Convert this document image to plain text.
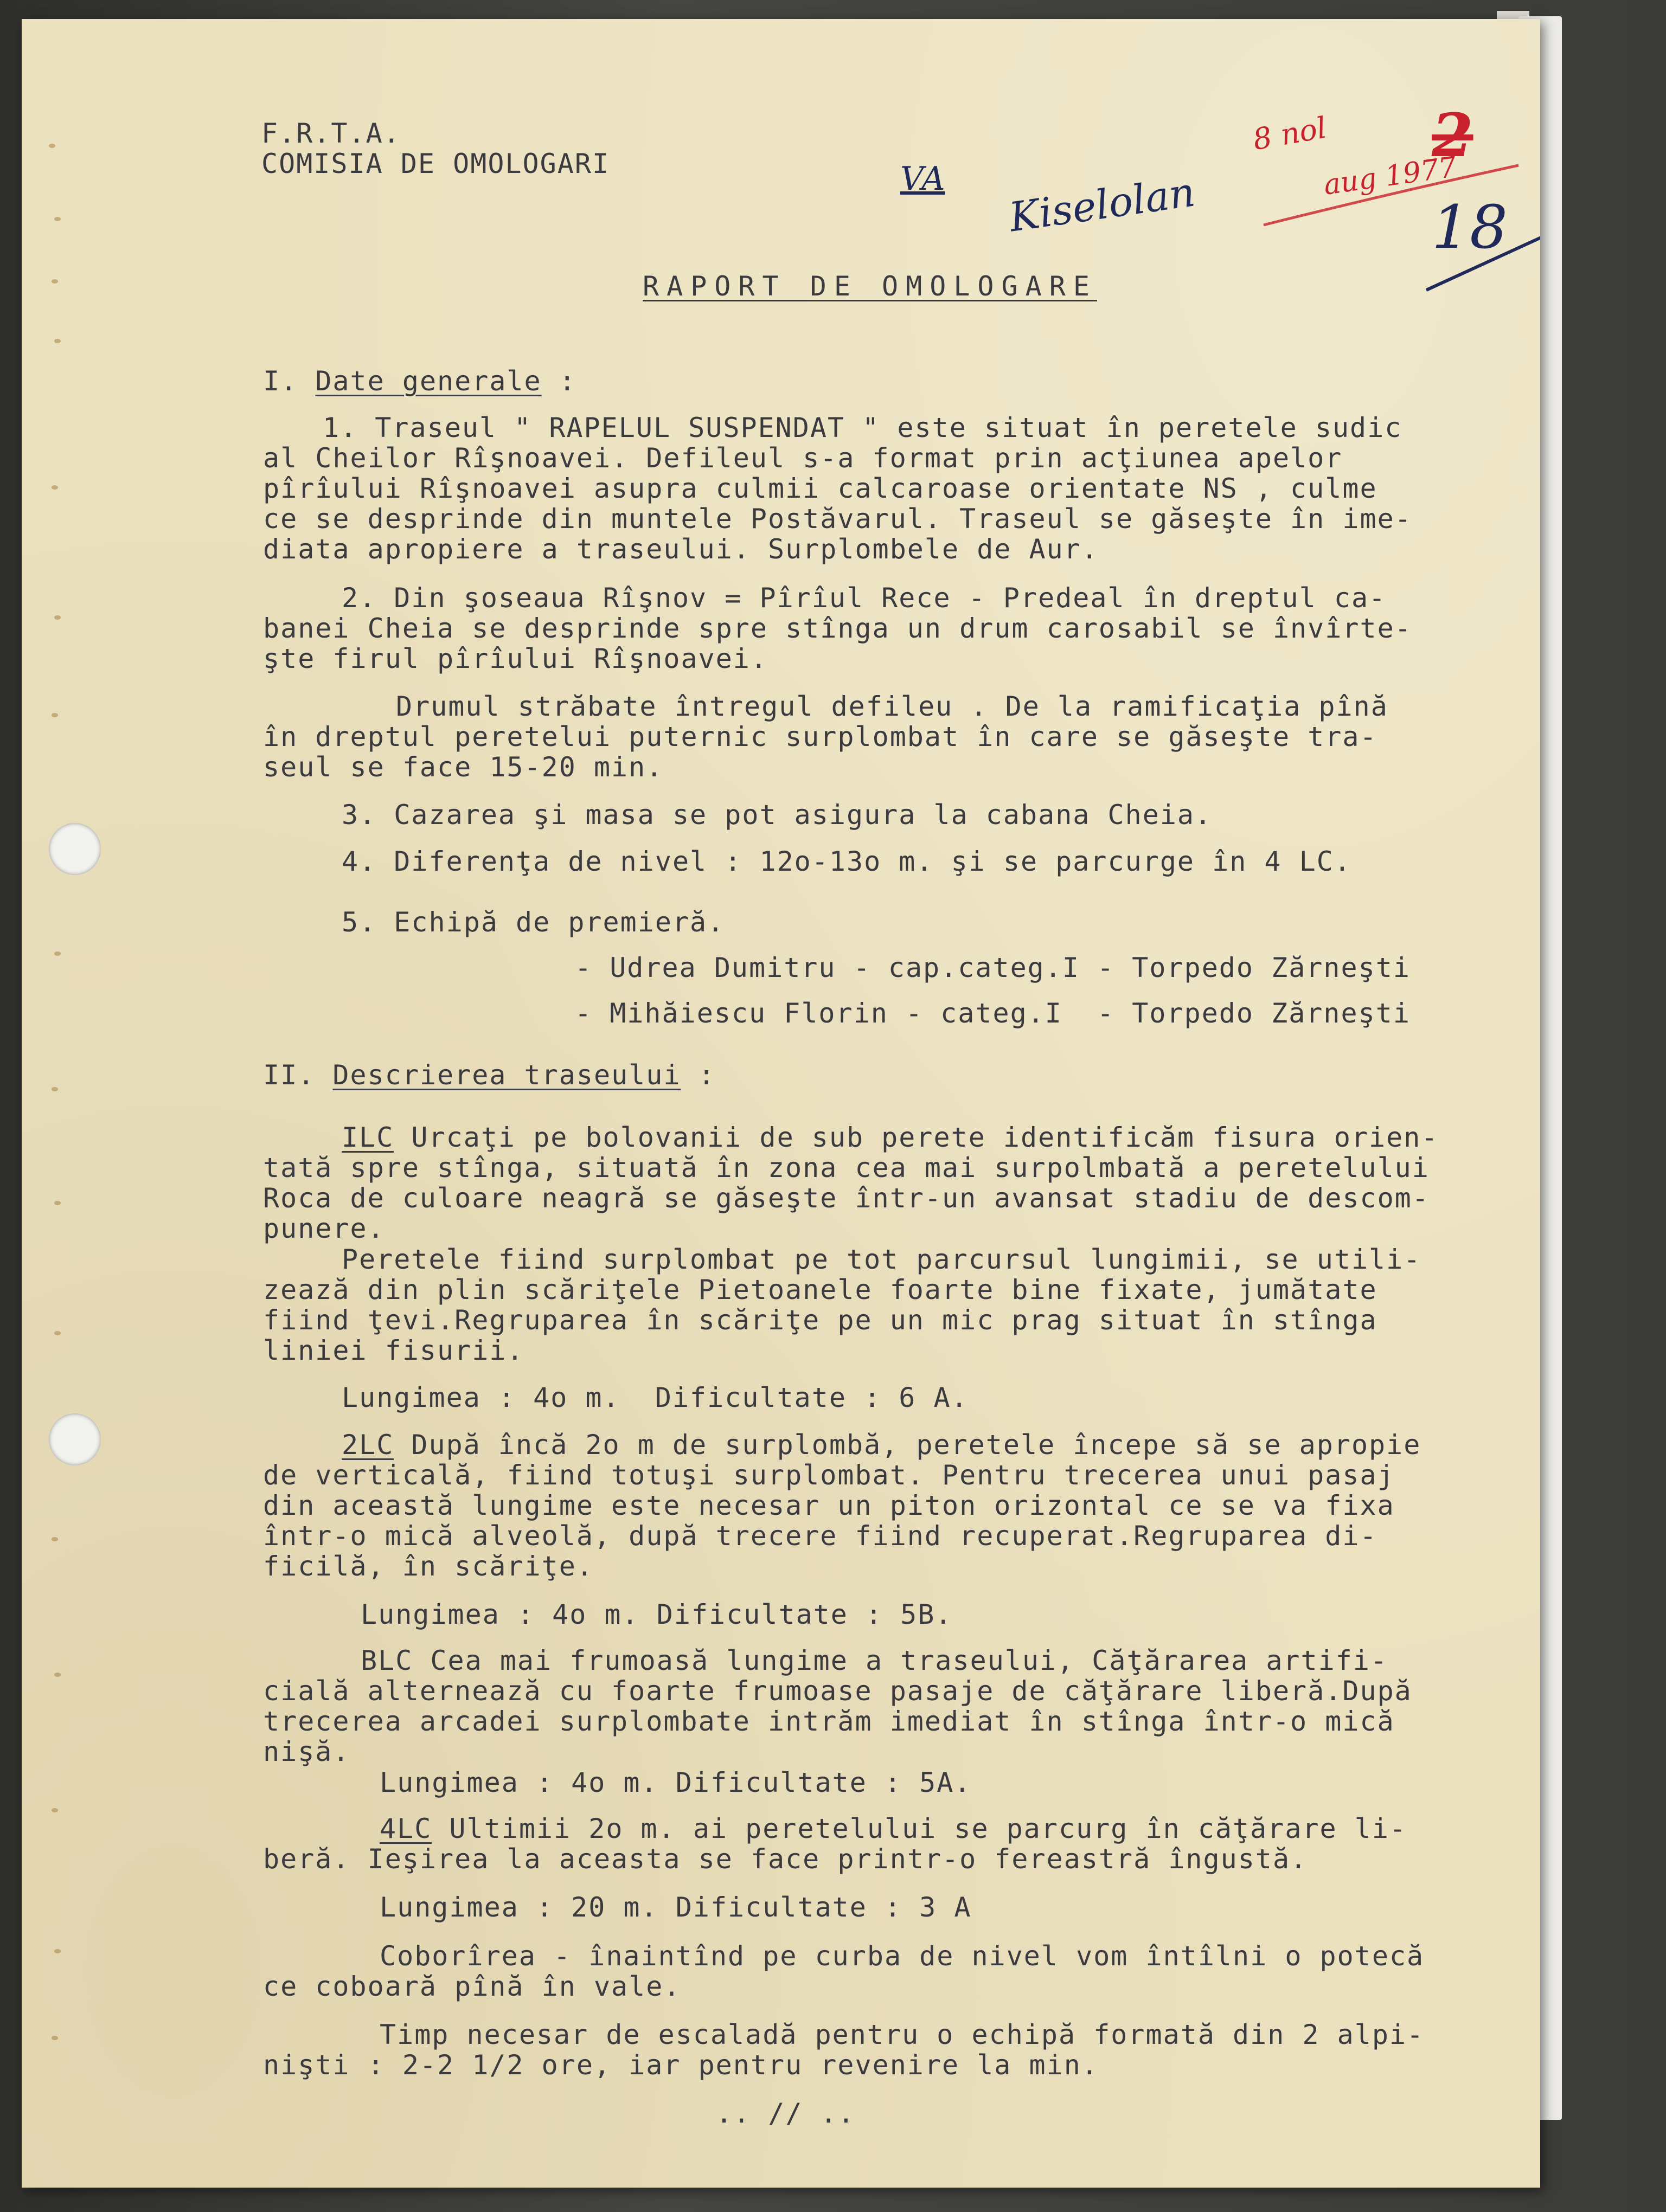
F.R.T.A.
COMISIA DE OMOLOGARI	VA Kiselolan
8 nol
aug 1977
2
18
RAPORT DE OMOLOGARE
I. Date generale :
1. Traseul " RAPELUL SUSPENDAT " este situat în peretele sudic
al Cheilor Rîşnoavei. Defileul s-a format prin acţiunea apelor
pîrîului Rîşnoavei asupra culmii calcaroase orientate NS , culme
ce se desprinde din muntele Postăvarul. Traseul se găseşte în ime-
diata apropiere a traseului. Surplombele de Aur.
2. Din şoseaua Rîşnov = Pîrîul Rece - Predeal în dreptul ca-
banei Cheia se desprinde spre stînga un drum carosabil se învîrte-
şte firul pîrîului Rîşnoavei.
Drumul străbate întregul defileu . De la ramificaţia pînă
în dreptul peretelui puternic surplombat în care se găseşte tra-
seul se face 15-20 min.
3. Cazarea şi masa se pot asigura la cabana Cheia.
4. Diferenţa de nivel : 12o-13o m. şi se parcurge în 4 LC.
5. Echipă de premieră.
- Udrea Dumitru - cap.categ.I - Torpedo Zărneşti
- Mihăiescu Florin - categ.I  - Torpedo Zărneşti
II. Descrierea traseului :
ILC Urcaţi pe bolovanii de sub perete identificăm fisura orien-
tată spre stînga, situată în zona cea mai surpolmbată a peretelului
Roca de culoare neagră se găseşte într-un avansat stadiu de descom-
punere.
Peretele fiind surplombat pe tot parcursul lungimii, se utili-
zează din plin scăriţele Pietoanele foarte bine fixate, jumătate
fiind ţevi.Regruparea în scăriţe pe un mic prag situat în stînga
liniei fisurii.
Lungimea : 4o m.  Dificultate : 6 A.
2LC După încă 2o m de surplombă, peretele începe să se apropie
de verticală, fiind totuşi surplombat. Pentru trecerea unui pasaj
din această lungime este necesar un piton orizontal ce se va fixa
într-o mică alveolă, după trecere fiind recuperat.Regruparea di-
ficilă, în scăriţe.
Lungimea : 4o m. Dificultate : 5B.
BLC Cea mai frumoasă lungime a traseului, Căţărarea artifi-
cială alternează cu foarte frumoase pasaje de căţărare liberă.După
trecerea arcadei surplombate intrăm imediat în stînga într-o mică
nişă.
Lungimea : 4o m. Dificultate : 5A.
4LC Ultimii 2o m. ai peretelului se parcurg în căţărare li-
beră. Ieşirea la aceasta se face printr-o fereastră îngustă.
Lungimea : 20 m. Dificultate : 3 A
Coborîrea - înaintînd pe curba de nivel vom întîlni o potecă
ce coboară pînă în vale.
Timp necesar de escaladă pentru o echipă formată din 2 alpi-
nişti : 2-2 1/2 ore, iar pentru revenire la min.
.. // ..
